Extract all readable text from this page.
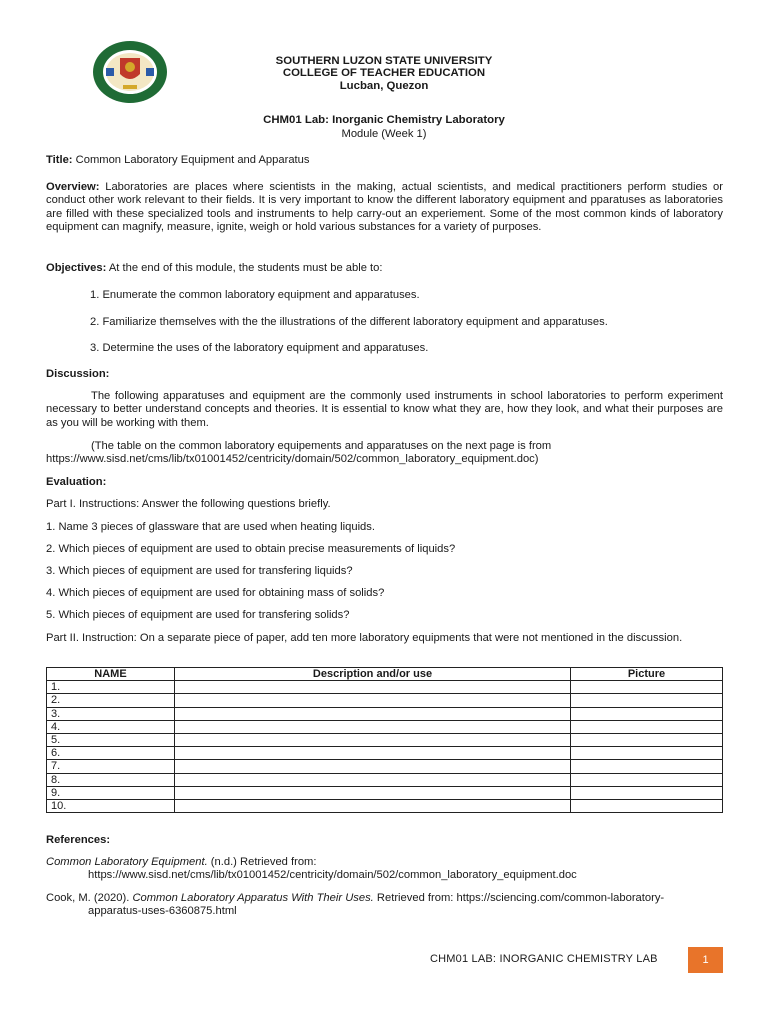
SOUTHERN LUZON STATE UNIVERSITY
COLLEGE OF TEACHER EDUCATION
Lucban, Quezon
CHM01 Lab: Inorganic Chemistry Laboratory
Module (Week 1)
Title: Common Laboratory Equipment and Apparatus
Overview: Laboratories are places where scientists in the making, actual scientists, and medical practitioners perform studies or conduct other work relevant to their fields. It is very important to know the different laboratory equipment and pparatuses as laboratories are filled with these specialized tools and instruments to help carry-out an experiement. Some of the most common kinds of laboratory equipment can magnify, measure, ignite, weigh or hold various substances for a variety of purposes.
Objectives: At the end of this module, the students must be able to:
1. Enumerate the common laboratory equipment and apparatuses.
2. Familiarize themselves with the the illustrations of the different laboratory equipment and apparatuses.
3. Determine the uses of the laboratory equipment and apparatuses.
Discussion:
The following apparatuses and equipment are the commonly used instruments in school laboratories to perform experiment necessary to better understand concepts and theories. It is essential to know what they are, how they look, and what their purposes are as you will be working with them.
(The table on the common laboratory equipements and apparatuses on the next page is from https://www.sisd.net/cms/lib/tx01001452/centricity/domain/502/common_laboratory_equipment.doc)
Evaluation:
Part I. Instructions: Answer the following questions briefly.
1. Name 3 pieces of glassware that are used when heating liquids.
2. Which pieces of equipment are used to obtain precise measurements of liquids?
3. Which pieces of equipment are used for transfering liquids?
4. Which pieces of equipment are used for obtaining mass of solids?
5. Which pieces of equipment are used for transfering solids?
Part II. Instruction: On a separate piece of paper, add ten more laboratory equipments that were not mentioned in the discussion.
NAME	Description and/or use	Picture
1.		
2.		
3.		
4.		
5.		
6.		
7.		
8.		
9.		
10.		
References:
Common Laboratory Equipment. (n.d.) Retrieved from:
https://www.sisd.net/cms/lib/tx01001452/centricity/domain/502/common_laboratory_equipment.doc
Cook, M. (2020). Common Laboratory Apparatus With Their Uses. Retrieved from: https://sciencing.com/common-laboratory-apparatus-uses-6360875.html
CHM01 LAB: INORGANIC CHEMISTRY LAB	1
